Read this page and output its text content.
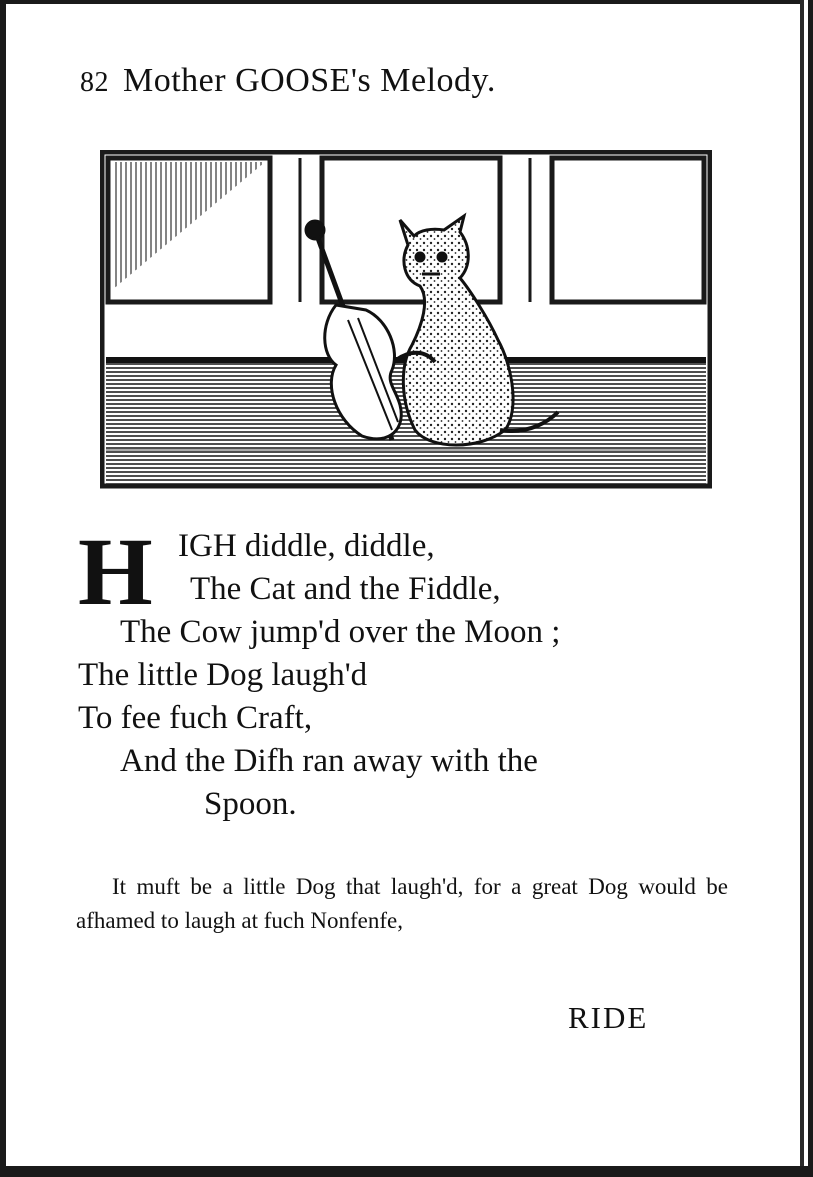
82 Mother GOOSE's Melody.
H IGH diddle, diddle,
The Cat and the Fiddle,
The Cow jump'd over the Moon ;
The little Dog laugh'd
To fee fuch Craft,
And the Difh ran away with the
Spoon.
It muft be a little Dog that laugh'd, for a great Dog would be afhamed to laugh at fuch Nonfenfe,
RIDE
